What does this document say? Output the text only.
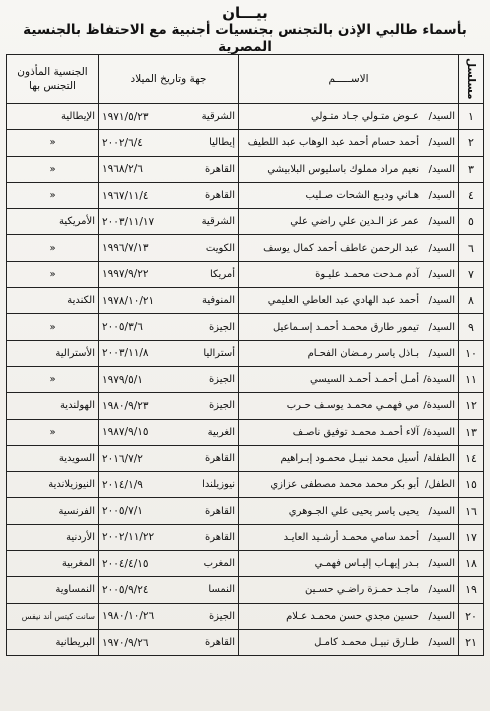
بيـــان
بأسماء طالبي الإذن بالتجنس بجنسيات أجنبية مع الاحتفاظ بالجنسية المصرية
مسلسل	الاســـــم	جهة وتاريخ الميلاد		الجنسية المأذون التجنس بها
١	السيد/عـوض متـولي جـاد متـولي	الشرقية	١٩٧١/٥/٢٣	الإيطالية
٢	السيد/أحمد حسام أحمد عبد الوهاب عبد اللطيف	إيطاليا	٢٠٠٢/٦/٤	«
٣	السيد/نعيم مراد مملوك باسليوس البلابيشي	القاهرة	١٩٦٨/٢/٦	«
٤	السيد/هـاني وديـع الشحات صـليب	القاهرة	١٩٦٧/١١/٤	«
٥	السيد/عمر عز الـدين علي راضي علي	الشرقية	٢٠٠٣/١١/١٧	الأمريكية
٦	السيد/عبد الرحمن عاطف أحمد كمال يوسف	الكويت	١٩٩٦/٧/١٣	«
٧	السيد/آدم مـدحت محمـد عليـوة	أمريكا	١٩٩٧/٩/٢٢	«
٨	السيد/أحمد عبد الهادي عبد العاطي العليمي	المنوفية	١٩٧٨/١٠/٢١	الكندية
٩	السيد/تيمور طارق محمـد أحمـد إسـماعيل	الجيزة	٢٠٠٥/٣/٦	«
١٠	السيد/بـاذل ياسر رمـضان الفحـام	أستراليا	٢٠٠٣/١١/٨	الأسترالية
١١	السيدة/أمـل أحمـد أحمـد السيسي	الجيزة	١٩٧٩/٥/١	«
١٢	السيدة/مي فهمـي محمـد يوسـف حـرب	الجيزة	١٩٨٠/٩/٢٣	الهولندية
١٣	السيدة/آلاء أحمـد محمـد توفيق ناصـف	الغربية	١٩٨٧/٩/١٥	«
١٤	الطفلة/أسيل محمد نبيـل محمـود إبـراهيم	القاهرة	٢٠١٦/٧/٢	السويدية
١٥	الطفل/أبو بكر محمد محمد مصطفى عزازي	نيوزيلندا	٢٠١٤/١/٩	النيوزيلاندية
١٦	السيد/يحيى ياسر يحيى علي الجـوهري	القاهرة	٢٠٠٥/٧/١	الفرنسية
١٧	السيد/أحمد سامي محمـد أرشـيد العايـد	القاهرة	٢٠٠٢/١١/٢٢	الأردنية
١٨	السيد/بـدر إيهـاب إليـاس فهمـي	المغرب	٢٠٠٤/٤/١٥	المغربية
١٩	السيد/ماجـد حمـزة راضـي حسـين	النمسا	٢٠٠٥/٩/٢٤	النمساوية
٢٠	السيد/حسين مجدي حسن محمـد عـلام	الجيزة	١٩٨٠/١٠/٢٦	سانت كيتس أند نيفس
٢١	السيد/طـارق نبيـل محمـد كامـل	القاهرة	١٩٧٠/٩/٢٦	البريطانية
